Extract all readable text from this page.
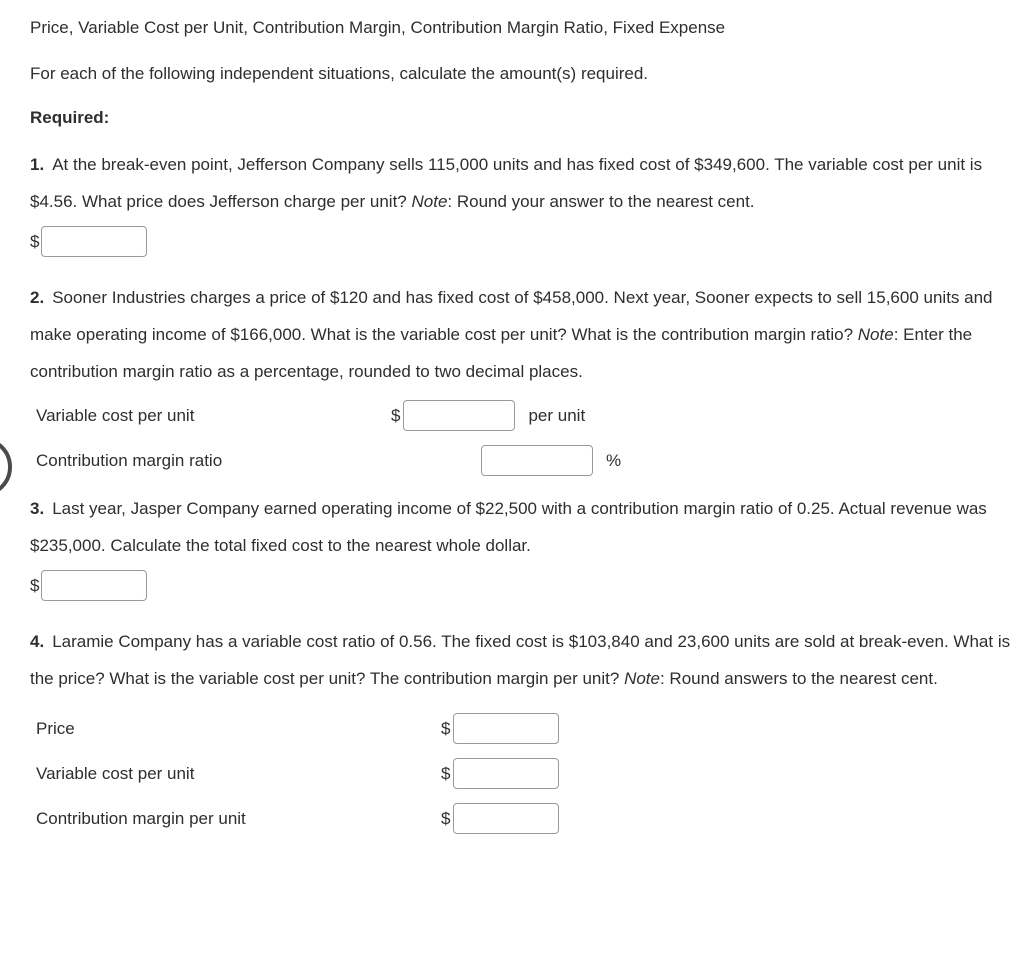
Price, Variable Cost per Unit, Contribution Margin, Contribution Margin Ratio, Fixed Expense

For each of the following independent situations, calculate the amount(s) required.

Required:

1. At the break-even point, Jefferson Company sells 115,000 units and has fixed cost of $349,600. The variable cost per unit is $4.56. What price does Jefferson charge per unit? Note: Round your answer to the nearest cent.

$

2. Sooner Industries charges a price of $120 and has fixed cost of $458,000. Next year, Sooner expects to sell 15,600 units and make operating income of $166,000. What is the variable cost per unit? What is the contribution margin ratio? Note: Enter the contribution margin ratio as a percentage, rounded to two decimal places.

Variable cost per unit	$	per unit
Contribution margin ratio	%

3. Last year, Jasper Company earned operating income of $22,500 with a contribution margin ratio of 0.25. Actual revenue was $235,000. Calculate the total fixed cost to the nearest whole dollar.

$

4. Laramie Company has a variable cost ratio of 0.56. The fixed cost is $103,840 and 23,600 units are sold at break-even. What is the price? What is the variable cost per unit? The contribution margin per unit? Note: Round answers to the nearest cent.

Price	$
Variable cost per unit	$
Contribution margin per unit	$
